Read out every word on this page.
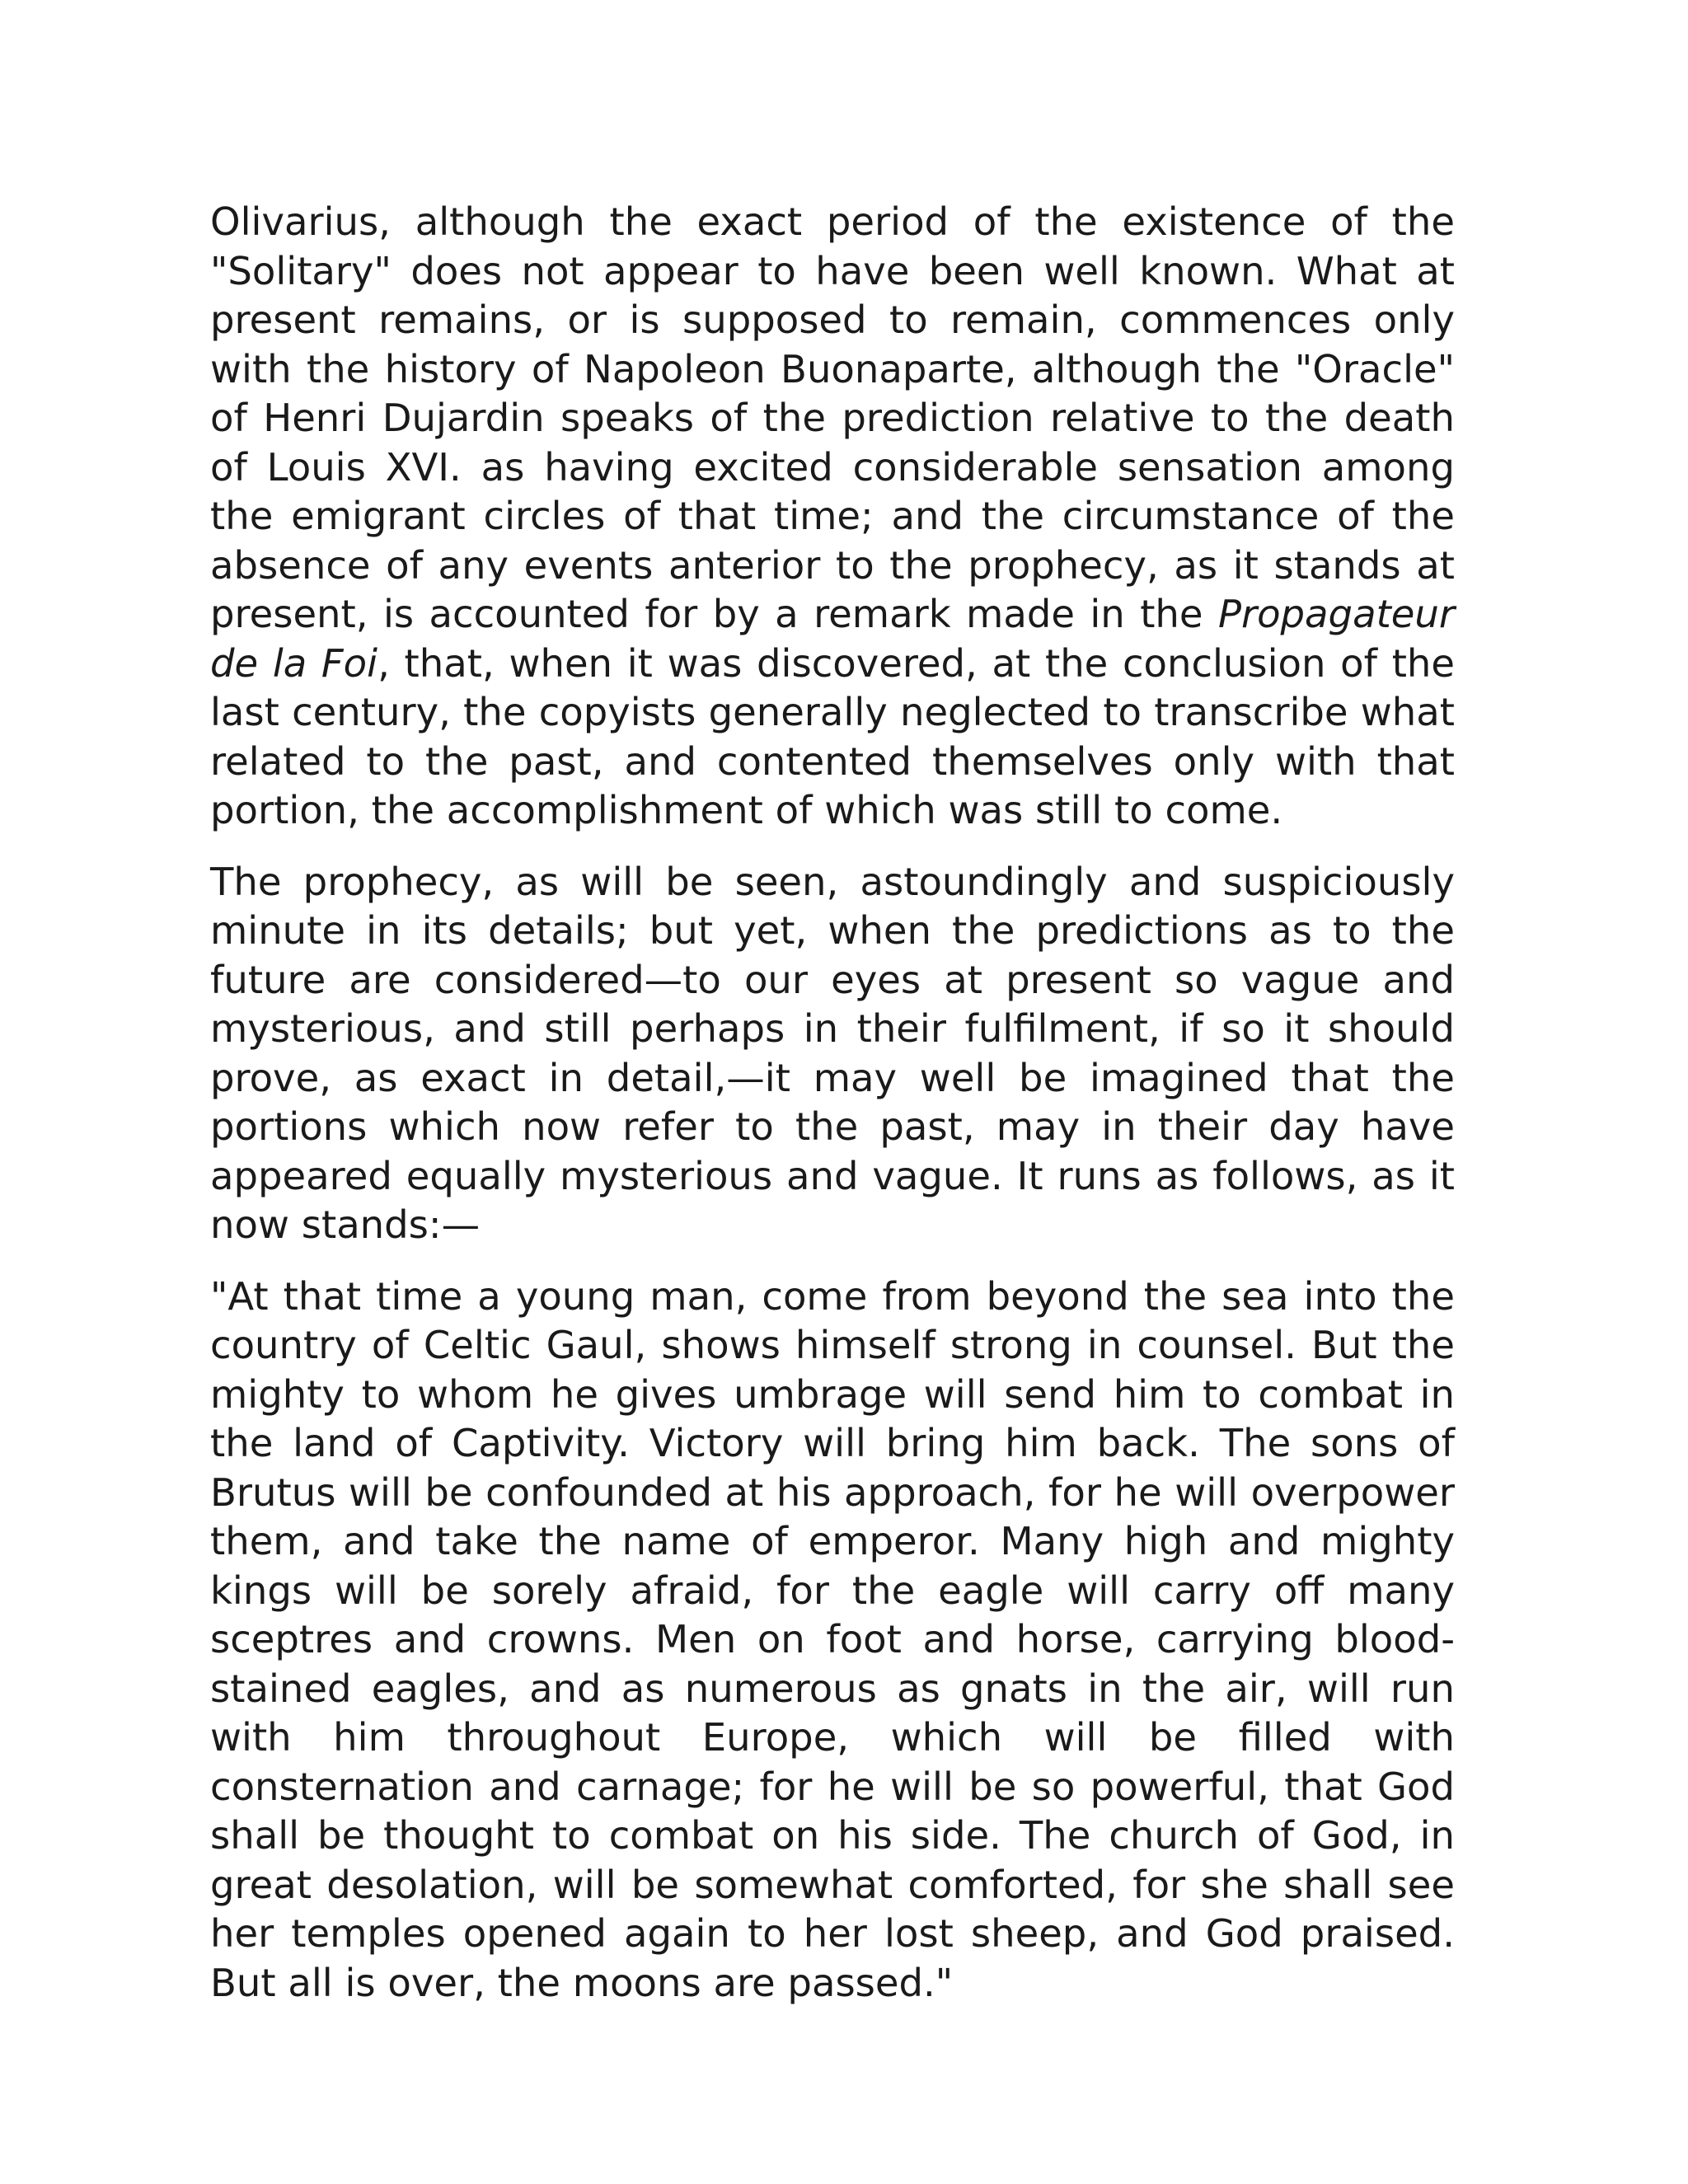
Olivarius, although the exact period of the existence of the "Solitary" does not appear to have been well known. What at present remains, or is supposed to remain, commences only with the history of Napoleon Buonaparte, although the "Oracle" of Henri Dujardin speaks of the prediction relative to the death of Louis XVI. as having excited considerable sensation among the emigrant circles of that time; and the circumstance of the absence of any events anterior to the prophecy, as it stands at present, is accounted for by a remark made in the Propagateur de la Foi, that, when it was discovered, at the conclusion of the last century, the copyists generally neglected to transcribe what related to the past, and contented themselves only with that portion, the accomplishment of which was still to come.

The prophecy, as will be seen, astoundingly and suspiciously minute in its details; but yet, when the predictions as to the future are considered—to our eyes at present so vague and mysterious, and still perhaps in their fulfilment, if so it should prove, as exact in detail,—it may well be imagined that the portions which now refer to the past, may in their day have appeared equally mysterious and vague. It runs as follows, as it now stands:—

"At that time a young man, come from beyond the sea into the country of Celtic Gaul, shows himself strong in counsel. But the mighty to whom he gives umbrage will send him to combat in the land of Captivity. Victory will bring him back. The sons of Brutus will be confounded at his approach, for he will overpower them, and take the name of emperor. Many high and mighty kings will be sorely afraid, for the eagle will carry off many sceptres and crowns. Men on foot and horse, carrying blood-stained eagles, and as numerous as gnats in the air, will run with him throughout Europe, which will be filled with consternation and carnage; for he will be so powerful, that God shall be thought to combat on his side. The church of God, in great desolation, will be somewhat comforted, for she shall see her temples opened again to her lost sheep, and God praised. But all is over, the moons are passed."
